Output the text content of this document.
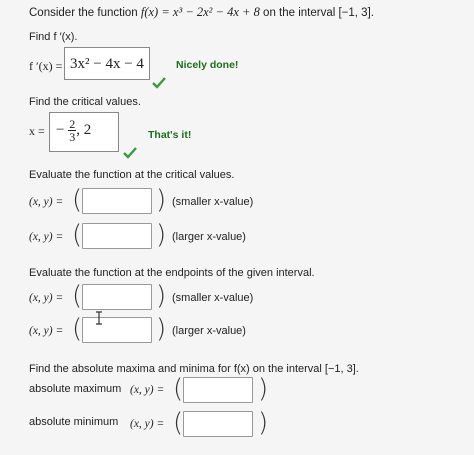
Consider the function f(x) = x³ − 2x² − 4x + 8 on the interval [−1, 3].
Find f ′(x).
f ′(x) = 3x² − 4x − 4	Nicely done!
Find the critical values.
x = − $\frac{2}{3}$ , 2	That's it!
Evaluate the function at the critical values.
(x, y) = (	) (smaller x-value)
(x, y) = (	) (larger x-value)
Evaluate the function at the endpoints of the given interval.
(x, y) = (	) (smaller x-value)
(x, y) = (	) (larger x-value)
Find the absolute maxima and minima for f(x) on the interval [−1, 3].
absolute maximum (x, y) = (	)
absolute minimum (x, y) = (	)
